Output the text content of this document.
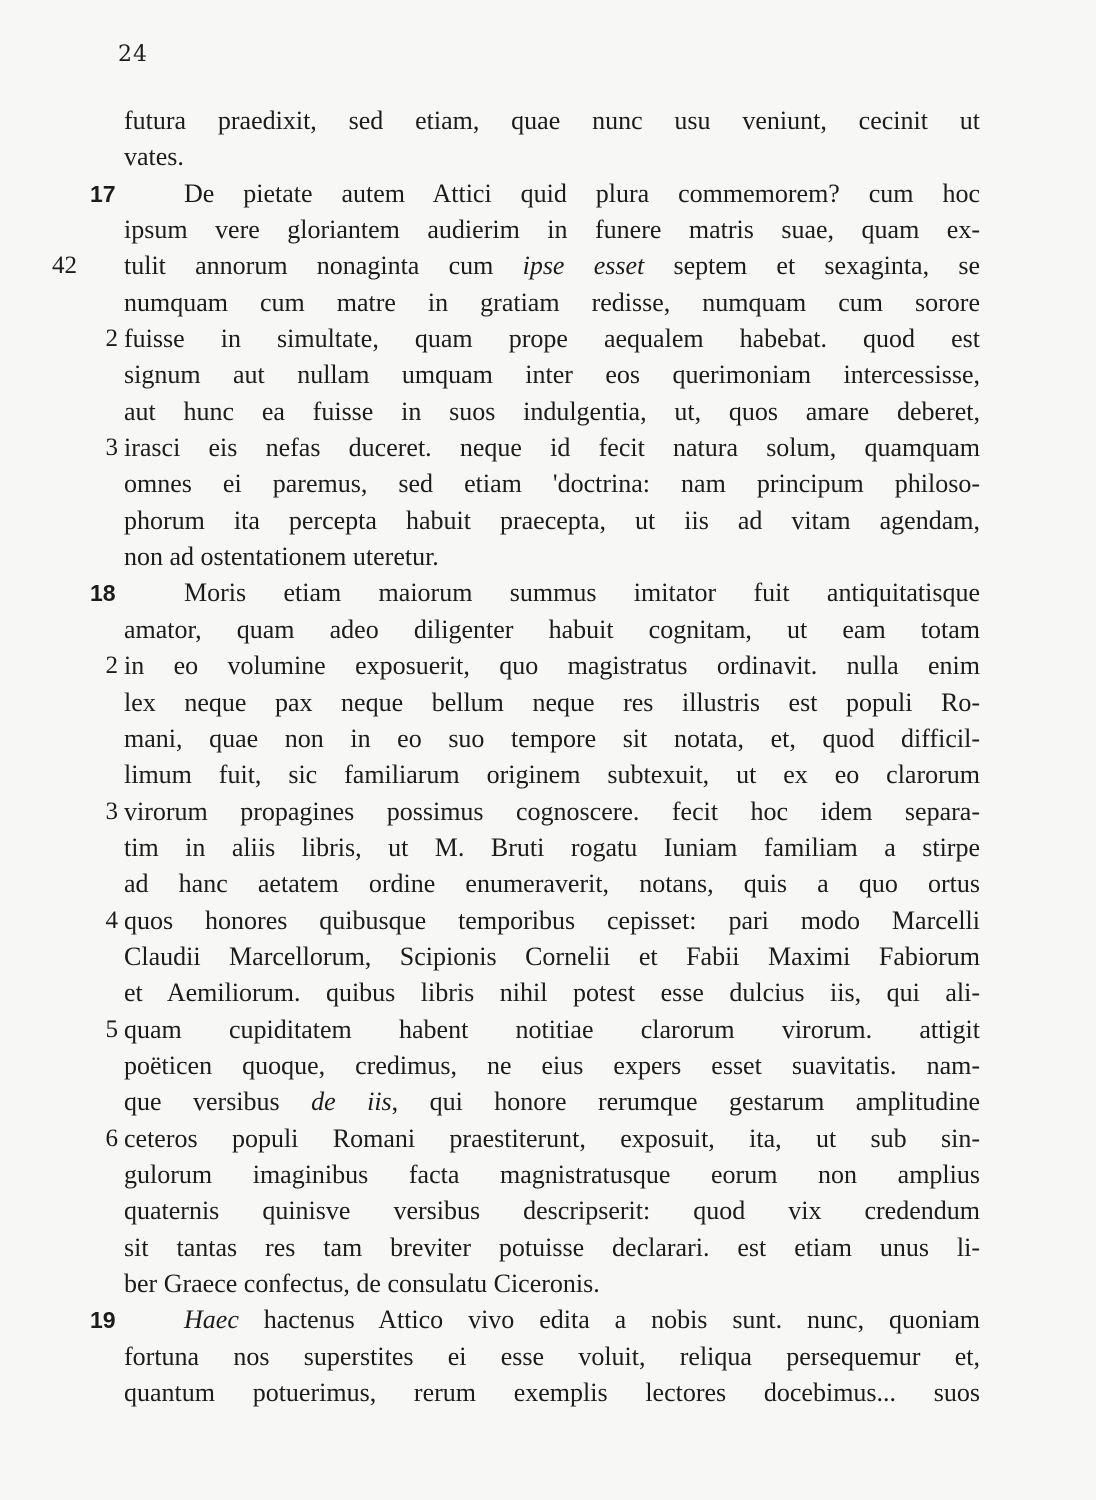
24
futura praedixit, sed etiam, quae nunc usu veniunt, cecinit ut
vates.
17	De pietate autem Attici quid plura commemorem? cum hoc
ipsum vere gloriantem audierim in funere matris suae, quam ex-
42 tulit annorum nonaginta cum ipse esset septem et sexaginta, se
numquam cum matre in gratiam redisse, numquam cum sorore
2 fuisse in simultate, quam prope aequalem habebat. quod est
signum aut nullam umquam inter eos querimoniam intercessisse,
aut hunc ea fuisse in suos indulgentia, ut, quos amare deberet,
3 irasci eis nefas duceret. neque id fecit natura solum, quamquam
omnes ei paremus, sed etiam 'doctrina: nam principum philoso-
phorum ita percepta habuit praecepta, ut iis ad vitam agendam,
non ad ostentationem uteretur.
18	Moris etiam maiorum summus imitator fuit antiquitatisque
amator, quam adeo diligenter habuit cognitam, ut eam totam
2 in eo volumine exposuerit, quo magistratus ordinavit. nulla enim
lex neque pax neque bellum neque res illustris est populi Ro-
mani, quae non in eo suo tempore sit notata, et, quod difficil-
limum fuit, sic familiarum originem subtexuit, ut ex eo clarorum
3 virorum propagines possimus cognoscere. fecit hoc idem separa-
tim in aliis libris, ut M. Bruti rogatu Iuniam familiam a stirpe
ad hanc aetatem ordine enumeraverit, notans, quis a quo ortus
4 quos honores quibusque temporibus cepisset: pari modo Marcelli
Claudii Marcellorum, Scipionis Cornelii et Fabii Maximi Fabiorum
et Aemiliorum. quibus libris nihil potest esse dulcius iis, qui ali-
5 quam cupiditatem habent notitiae clarorum virorum. attigit
poëticen quoque, credimus, ne eius expers esset suavitatis. nam-
que versibus de iis, qui honore rerumque gestarum amplitudine
6 ceteros populi Romani praestiterunt, exposuit, ita, ut sub sin-
gulorum imaginibus facta magnistratusque eorum non amplius
quaternis quinisve versibus descripserit: quod vix credendum
sit tantas res tam breviter potuisse declarari. est etiam unus li-
ber Graece confectus, de consulatu Ciceronis.
19	Haec hactenus Attico vivo edita a nobis sunt. nunc, quoniam
fortuna nos superstites ei esse voluit, reliqua persequemur et,
quantum potuerimus, rerum exemplis lectores docebimus... suos
